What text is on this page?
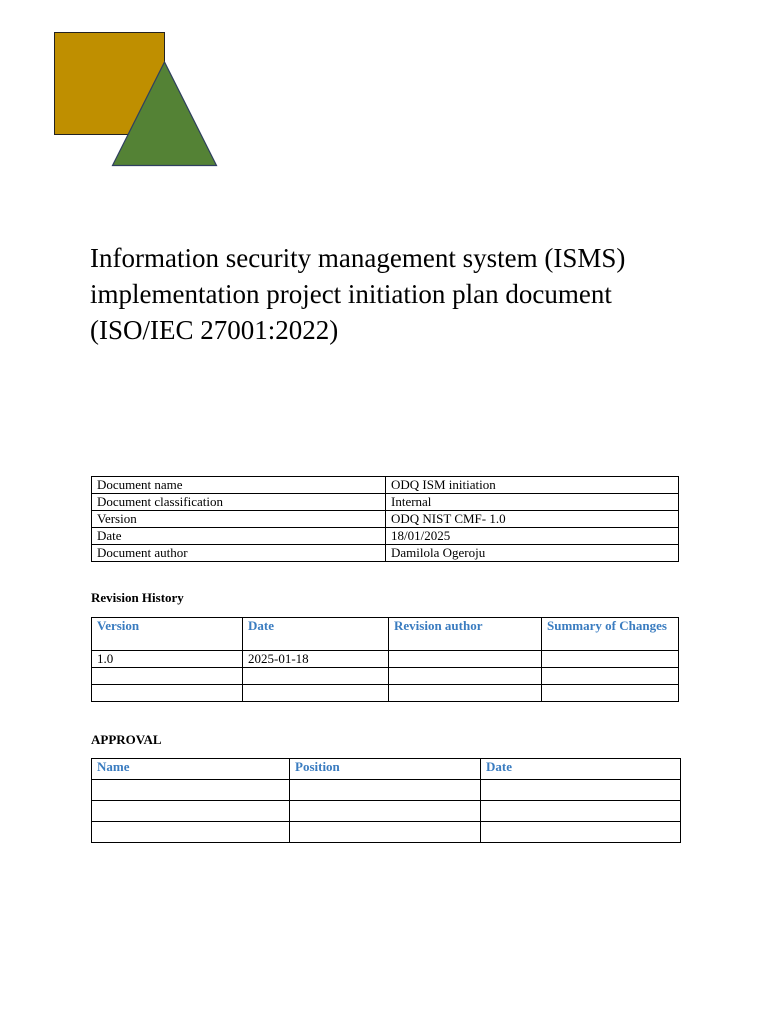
Information security management system (ISMS)
implementation project initiation plan document
(ISO/IEC 27001:2022)
Document name	ODQ ISM initiation
Document classification	Internal
Version	ODQ NIST CMF- 1.0
Date	18/01/2025
Document author	Damilola Ogeroju

Revision History

Version	Date	Revision author	Summary of Changes
1.0	2025-01-18		

APPROVAL

Name	Position	Date
